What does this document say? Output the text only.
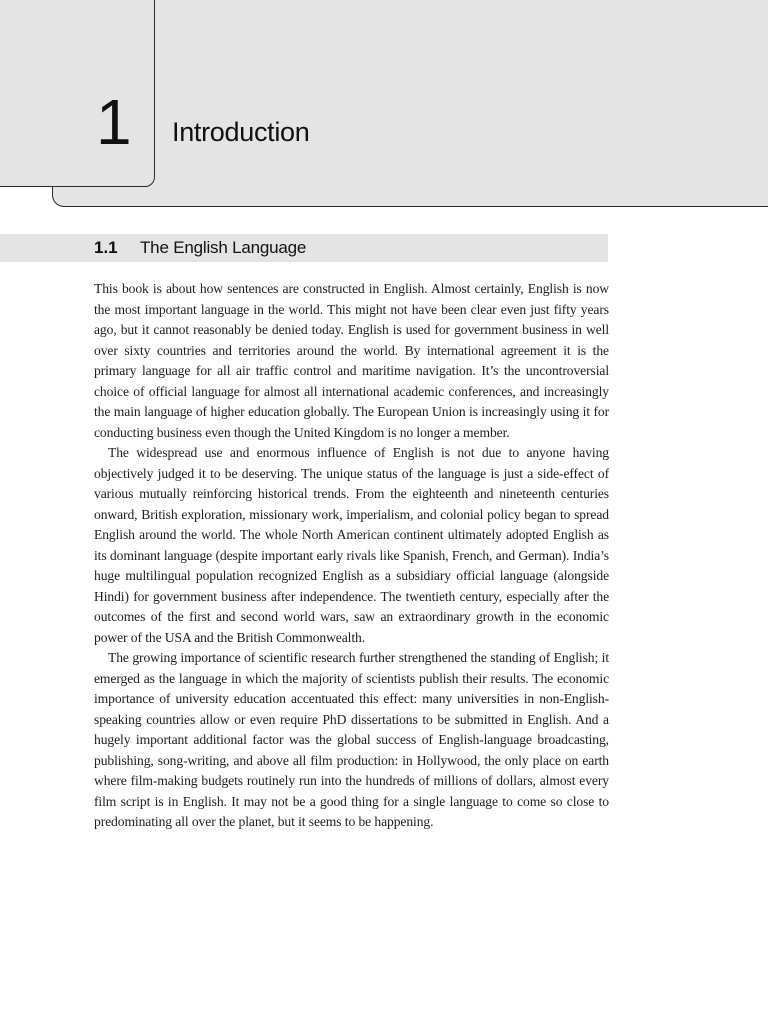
1 Introduction
1.1 The English Language

This book is about how sentences are constructed in English. Almost certainly, English is now the most important language in the world. This might not have been clear even just fifty years ago, but it cannot reasonably be denied today. English is used for government business in well over sixty countries and territories around the world. By international agreement it is the primary language for all air traffic control and maritime navigation. It’s the uncontroversial choice of official language for almost all international academic conferences, and increasingly the main language of higher education globally. The European Union is increasingly using it for conducting business even though the United Kingdom is no longer a member.

The widespread use and enormous influence of English is not due to anyone having objectively judged it to be deserving. The unique status of the language is just a side-effect of various mutually reinforcing historical trends. From the eighteenth and nineteenth centuries onward, British exploration, missionary work, imperialism, and colonial policy began to spread English around the world. The whole North American continent ultimately adopted English as its dominant language (despite important early rivals like Spanish, French, and German). India’s huge multilingual population recognized English as a subsidiary official language (alongside Hindi) for government business after independence. The twentieth century, especially after the outcomes of the first and second world wars, saw an extraordinary growth in the economic power of the USA and the British Commonwealth.

The growing importance of scientific research further strengthened the standing of English; it emerged as the language in which the majority of scientists publish their results. The economic importance of university education accentuated this effect: many universities in non-English-speaking countries allow or even require PhD dissertations to be submitted in English. And a hugely important additional factor was the global success of English-language broadcasting, publishing, song-writing, and above all film production: in Hollywood, the only place on earth where film-making budgets routinely run into the hundreds of millions of dollars, almost every film script is in English. It may not be a good thing for a single language to come so close to predominating all over the planet, but it seems to be happening.
